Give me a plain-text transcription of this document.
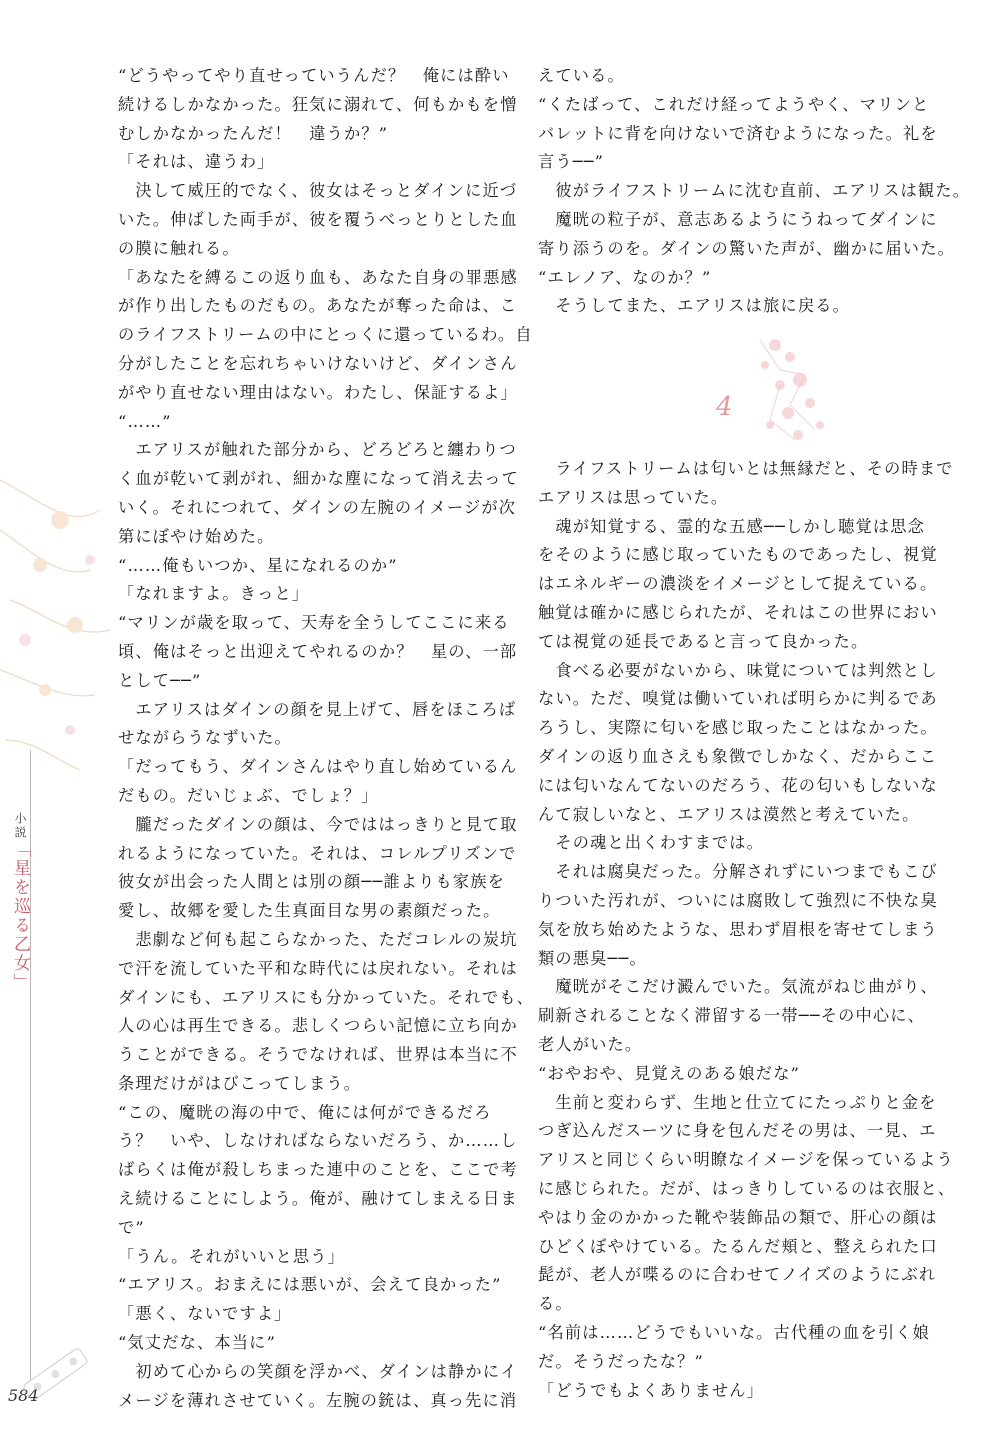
“どうやってやり直せっていうんだ？　俺には酔い
続けるしかなかった。狂気に溺れて、何もかもを憎
むしかなかったんだ！　違うか？”
「それは、違うわ」
　決して威圧的でなく、彼女はそっとダインに近づ
いた。伸ばした両手が、彼を覆うべっとりとした血
の膜に触れる。
「あなたを縛るこの返り血も、あなた自身の罪悪感
が作り出したものだもの。あなたが奪った命は、こ
のライフストリームの中にとっくに還っているわ。自
分がしたことを忘れちゃいけないけど、ダインさん
がやり直せない理由はない。わたし、保証するよ」
“……”
　エアリスが触れた部分から、どろどろと纏わりつ
く血が乾いて剥がれ、細かな塵になって消え去って
いく。それにつれて、ダインの左腕のイメージが次
第にぼやけ始めた。
“……俺もいつか、星になれるのか”
「なれますよ。きっと」
“マリンが歳を取って、天寿を全うしてここに来る
頃、俺はそっと出迎えてやれるのか？　星の、一部
として──”
　エアリスはダインの顔を見上げて、唇をほころば
せながらうなずいた。
「だってもう、ダインさんはやり直し始めているん
だもの。だいじょぶ、でしょ？」
　朧だったダインの顔は、今でははっきりと見て取
れるようになっていた。それは、コレルプリズンで
彼女が出会った人間とは別の顔──誰よりも家族を
愛し、故郷を愛した生真面目な男の素顔だった。
　悲劇など何も起こらなかった、ただコレルの炭坑
で汗を流していた平和な時代には戻れない。それは
ダインにも、エアリスにも分かっていた。それでも、
人の心は再生できる。悲しくつらい記憶に立ち向か
うことができる。そうでなければ、世界は本当に不
条理だけがはびこってしまう。
“この、魔晄の海の中で、俺には何ができるだろ
う？　いや、しなければならないだろう、か……し
ばらくは俺が殺しちまった連中のことを、ここで考
え続けることにしよう。俺が、融けてしまえる日ま
で”
「うん。それがいいと思う」
“エアリス。おまえには悪いが、会えて良かった”
「悪く、ないですよ」
“気丈だな、本当に”
　初めて心からの笑顔を浮かべ、ダインは静かにイ
メージを薄れさせていく。左腕の銃は、真っ先に消
えている。
“くたばって、これだけ経ってようやく、マリンと
バレットに背を向けないで済むようになった。礼を
言う──”
　彼がライフストリームに沈む直前、エアリスは観た。
　魔晄の粒子が、意志あるようにうねってダインに
寄り添うのを。ダインの驚いた声が、幽かに届いた。
“エレノア、なのか？”
　そうしてまた、エアリスは旅に戻る。
4
　ライフストリームは匂いとは無縁だと、その時まで
エアリスは思っていた。
　魂が知覚する、霊的な五感──しかし聴覚は思念
をそのように感じ取っていたものであったし、視覚
はエネルギーの濃淡をイメージとして捉えている。
触覚は確かに感じられたが、それはこの世界におい
ては視覚の延長であると言って良かった。
　食べる必要がないから、味覚については判然とし
ない。ただ、嗅覚は働いていれば明らかに判るであ
ろうし、実際に匂いを感じ取ったことはなかった。
ダインの返り血さえも象徴でしかなく、だからここ
には匂いなんてないのだろう、花の匂いもしないな
んて寂しいなと、エアリスは漠然と考えていた。
　その魂と出くわすまでは。
　それは腐臭だった。分解されずにいつまでもこび
りついた汚れが、ついには腐敗して強烈に不快な臭
気を放ち始めたような、思わず眉根を寄せてしまう
類の悪臭──。
　魔晄がそこだけ澱んでいた。気流がねじ曲がり、
刷新されることなく滞留する一帯──その中心に、
老人がいた。
“おやおや、見覚えのある娘だな”
　生前と変わらず、生地と仕立てにたっぷりと金を
つぎ込んだスーツに身を包んだその男は、一見、エ
アリスと同じくらい明瞭なイメージを保っているよう
に感じられた。だが、はっきりしているのは衣服と、
やはり金のかかった靴や装飾品の類で、肝心の顔は
ひどくぼやけている。たるんだ頬と、整えられた口
髭が、老人が喋るのに合わせてノイズのようにぶれ
る。
“名前は……どうでもいいな。古代種の血を引く娘
だ。そうだったな？”
「どうでもよくありません」
小説「星を巡る乙女」
584
